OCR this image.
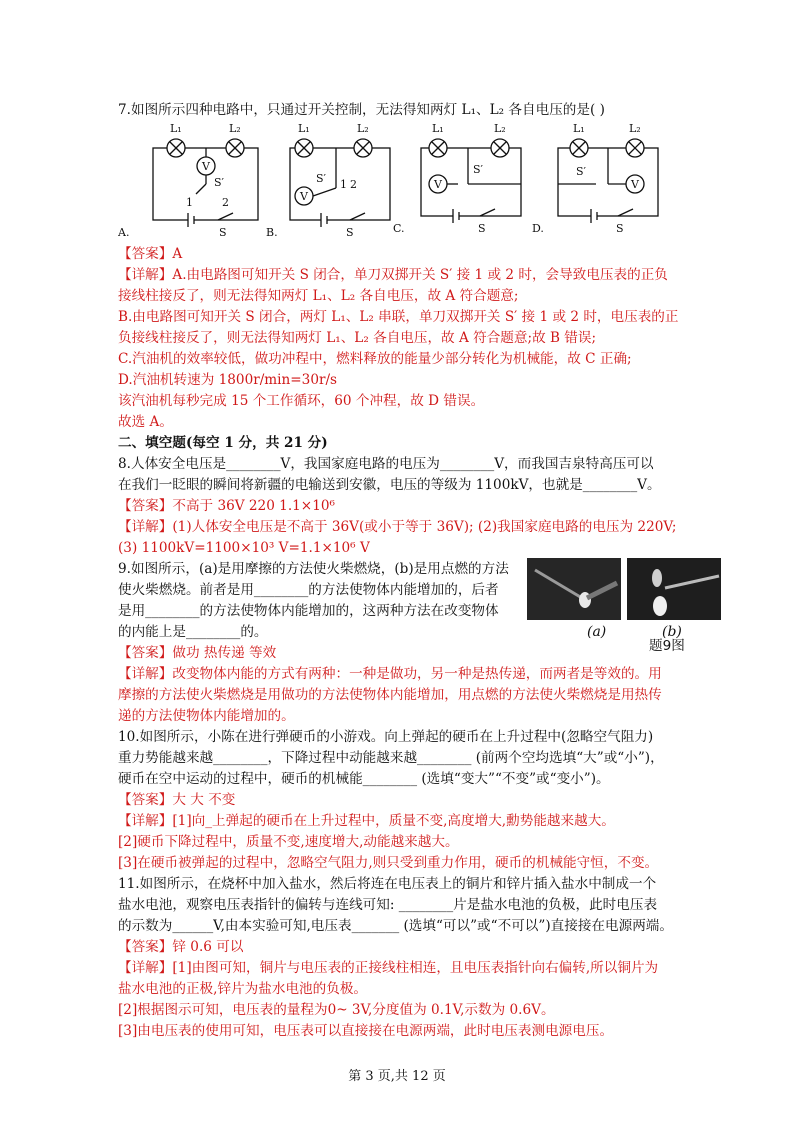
7.如图所示四种电路中，只通过开关控制，无法得知两灯 L₁、L₂ 各自电压的是( )
L₁	L₂
V
S′
1	2
S
A.
L₁	L₂
V
S′ 1 2
S
B.
L₁	L₂
V
S′
S
C.
L₁	L₂
V
S′
S
D.
【答案】A
【详解】A.由电路图可知开关 S 闭合，单刀双掷开关 S′ 接 1 或 2 时，会导致电压表的正负
接线柱接反了，则无法得知两灯 L₁、L₂ 各自电压，故 A 符合题意;
B.由电路图可知开关 S 闭合，两灯 L₁、L₂ 串联，单刀双掷开关 S′ 接 1 或 2 时，电压表的正
负接线柱接反了，则无法得知两灯 L₁、L₂ 各自电压，故 A 符合题意;故 B 错误;
C.汽油机的效率较低，做功冲程中，燃料释放的能量少部分转化为机械能，故 C 正确;
D.汽油机转速为 1800r/min=30r/s
该汽油机每秒完成 15 个工作循环，60 个冲程，故 D 错误。
故选 A。
二、填空题(每空 1 分，共 21 分)
8.人体安全电压是________V，我国家庭电路的电压为________V，而我国吉泉特高压可以
在我们一眨眼的瞬间将新疆的电输送到安徽，电压的等级为 1100kV，也就是________V。
【答案】不高于 36V 220 1.1×10⁶
【详解】(1)人体安全电压是不高于 36V(或小于等于 36V); (2)我国家庭电路的电压为 220V;
(3) 1100kV=1100×10³ V=1.1×10⁶ V
9.如图所示，(a)是用摩擦的方法使火柴燃烧，(b)是用点燃的方法
使火柴燃烧。前者是用________的方法使物体内能增加的，后者
是用________的方法使物体内能增加的，这两种方法在改变物体
的内能上是________的。	(a)	(b)
题9图
【答案】做功 热传递 等效
【详解】改变物体内能的方式有两种：一种是做功，另一种是热传递，而两者是等效的。用
摩擦的方法使火柴燃烧是用做功的方法使物体内能增加，用点燃的方法使火柴燃烧是用热传
递的方法使物体内能增加的。
10.如图所示，小陈在进行弹硬币的小游戏。向上弹起的硬币在上升过程中(忽略空气阻力)
重力势能越来越________，下降过程中动能越来越________ (前两个空均选填“大”或“小”)，
硬币在空中运动的过程中，硬币的机械能________ (选填“变大”“不变”或“变小”)。
【答案】大 大 不变
【详解】[1]向_上弹起的硬币在上升过程中，质量不变,高度增大,勳势能越来越大。
[2]硬币下降过程中，质量不变,速度增大,动能越来越大。
[3]在硬币被弹起的过程中，忽略空气阻力,则只受到重力作用，硬币的机械能守恒，不变。
11.如图所示，在烧杯中加入盐水，然后将连在电压表上的铜片和锌片插入盐水中制成一个
盐水电池，观察电压表指针的偏转与连线可知: ________片是盐水电池的负极，此时电压表
的示数为______V,由本实验可知,电压表_______ (选填“可以”或“不可以”)直接接在电源两端。
【答案】锌 0.6 可以
【详解】[1]由图可知，铜片与电压表的正接线柱相连，且电压表指针向右偏转,所以铜片为
盐水电池的正极,锌片为盐水电池的负极。
[2]根据图示可知，电压表的量程为0~ 3V,分度值为 0.1V,示数为 0.6V。
[3]由电压表的使用可知，电压表可以直接接在电源两端，此时电压表测电源电压。
第 3 页,共 12 页
